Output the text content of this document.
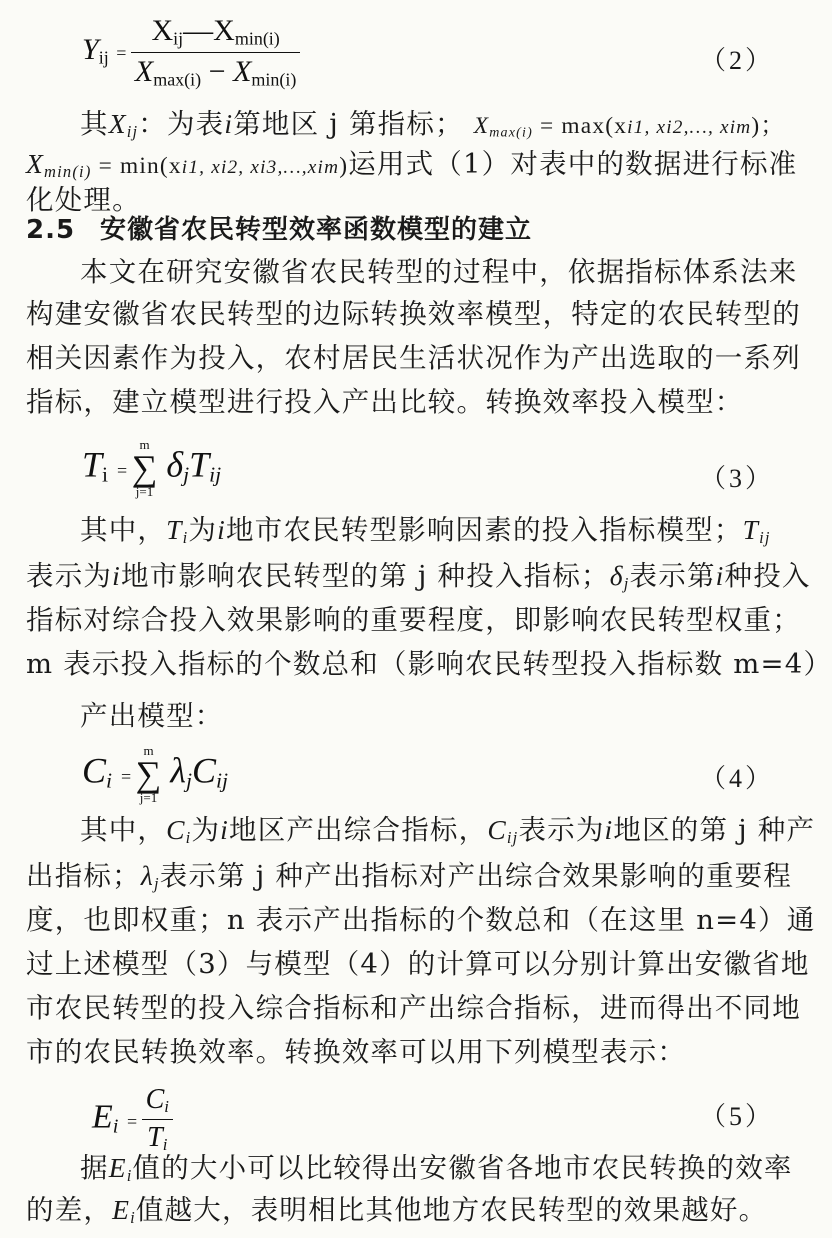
$Y_{ij} = \frac{X_{ij}—X_{min(i)}}{X_{max(i)} - X_{min(i)}}$	（2）
其$X_{ij}$：为表i第地区 j 第指标； $X_{max(i)} = \max(xi1$, xi2,…, xim)；
$X_{min(i)} = \min(xi1$, xi2, xi3,…,xim)运用式（1）对表中的数据进行标准
化处理。
2.5 安徽省农民转型效率函数模型的建立
本文在研究安徽省农民转型的过程中，依据指标体系法来
构建安徽省农民转型的边际转换效率模型，特定的农民转型的
相关因素作为投入，农村居民生活状况作为产出选取的一系列
指标，建立模型进行投入产出比较。转换效率投入模型：
$T_i$ =
m
∑
j=1
$\delta_jT_{ij}$	（3）
其中，$T_i$为i地市农民转型影响因素的投入指标模型；$T_{ij}$
表示为i地市影响农民转型的第 j 种投入指标；$\delta_j$表示第i种投入
指标对综合投入效果影响的重要程度，即影响农民转型权重；
m 表示投入指标的个数总和（影响农民转型投入指标数 m=4）
产出模型：
$C_i$ =
m
∑
j=1
$\lambda_jC_{ij}$	（4）
其中，$C_i$为i地区产出综合指标，$C_{ij}$表示为i地区的第 j 种产
出指标；$\lambda_j$表示第 j 种产出指标对产出综合效果影响的重要程
度，也即权重；n 表示产出指标的个数总和（在这里 n=4）通
过上述模型（3）与模型（4）的计算可以分别计算出安徽省地
市农民转型的投入综合指标和产出综合指标，进而得出不同地
市的农民转换效率。转换效率可以用下列模型表示：
$E_i = \frac{C_i}{T_i}$	（5）
据$E_i$值的大小可以比较得出安徽省各地市农民转换的效率
的差，$E_i$值越大，表明相比其他地方农民转型的效果越好。
